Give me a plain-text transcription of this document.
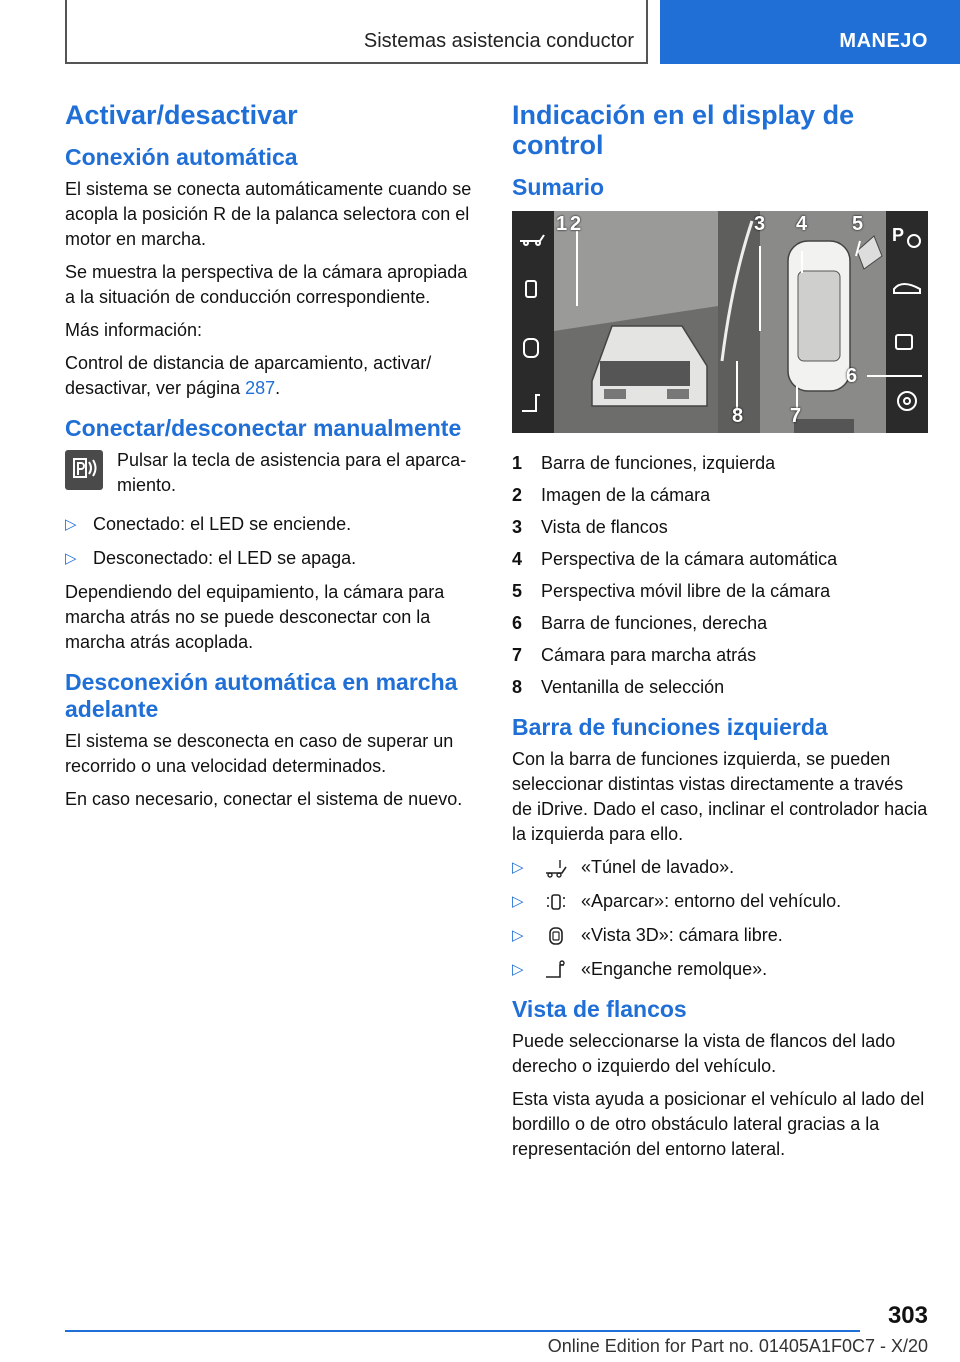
Sistemas asistencia conductor	MANEJO
Activar/desactivar
Conexión automática

El sistema se conecta automáticamente cuando se acopla la posición R de la palanca selectora con el motor en marcha.

Se muestra la perspectiva de la cámara apropiada a la situación de conducción correspondiente.

Más información:

Control de distancia de aparcamiento, activar/ desactivar, ver página 287.

Conectar/desconectar manualmente

Pulsar la tecla de asistencia para el aparcamiento.

▷ Conectado: el LED se enciende.
▷ Desconectado: el LED se apaga.

Dependiendo del equipamiento, la cámara para marcha atrás no se puede desconectar con la marcha atrás acoplada.

Desconexión automática en marcha adelante

El sistema se desconecta en caso de superar un recorrido o una velocidad determinados.

En caso necesario, conectar el sistema de nuevo.

Indicación en el display de control
Sumario
P
1 2	3 4 5
6
7
8
1	Barra de funciones, izquierda
2	Imagen de la cámara
3	Vista de flancos
4	Perspectiva de la cámara automática
5	Perspectiva móvil libre de la cámara
6	Barra de funciones, derecha
7	Cámara para marcha atrás
8	Ventanilla de selección
Barra de funciones izquierda

Con la barra de funciones izquierda, se pueden seleccionar distintas vistas directamente a través de iDrive. Dado el caso, inclinar el controlador hacia la izquierda para ello.

▷	«Túnel de lavado».
▷	«Aparcar»: entorno del vehículo.
▷	«Vista 3D»: cámara libre.
▷	«Enganche remolque».
Vista de flancos

Puede seleccionarse la vista de flancos del lado derecho o izquierdo del vehículo.

Esta vista ayuda a posicionar el vehículo al lado del bordillo o de otro obstáculo lateral gracias a la representación del entorno lateral.

303
Online Edition for Part no. 01405A1F0C7 - X/20
